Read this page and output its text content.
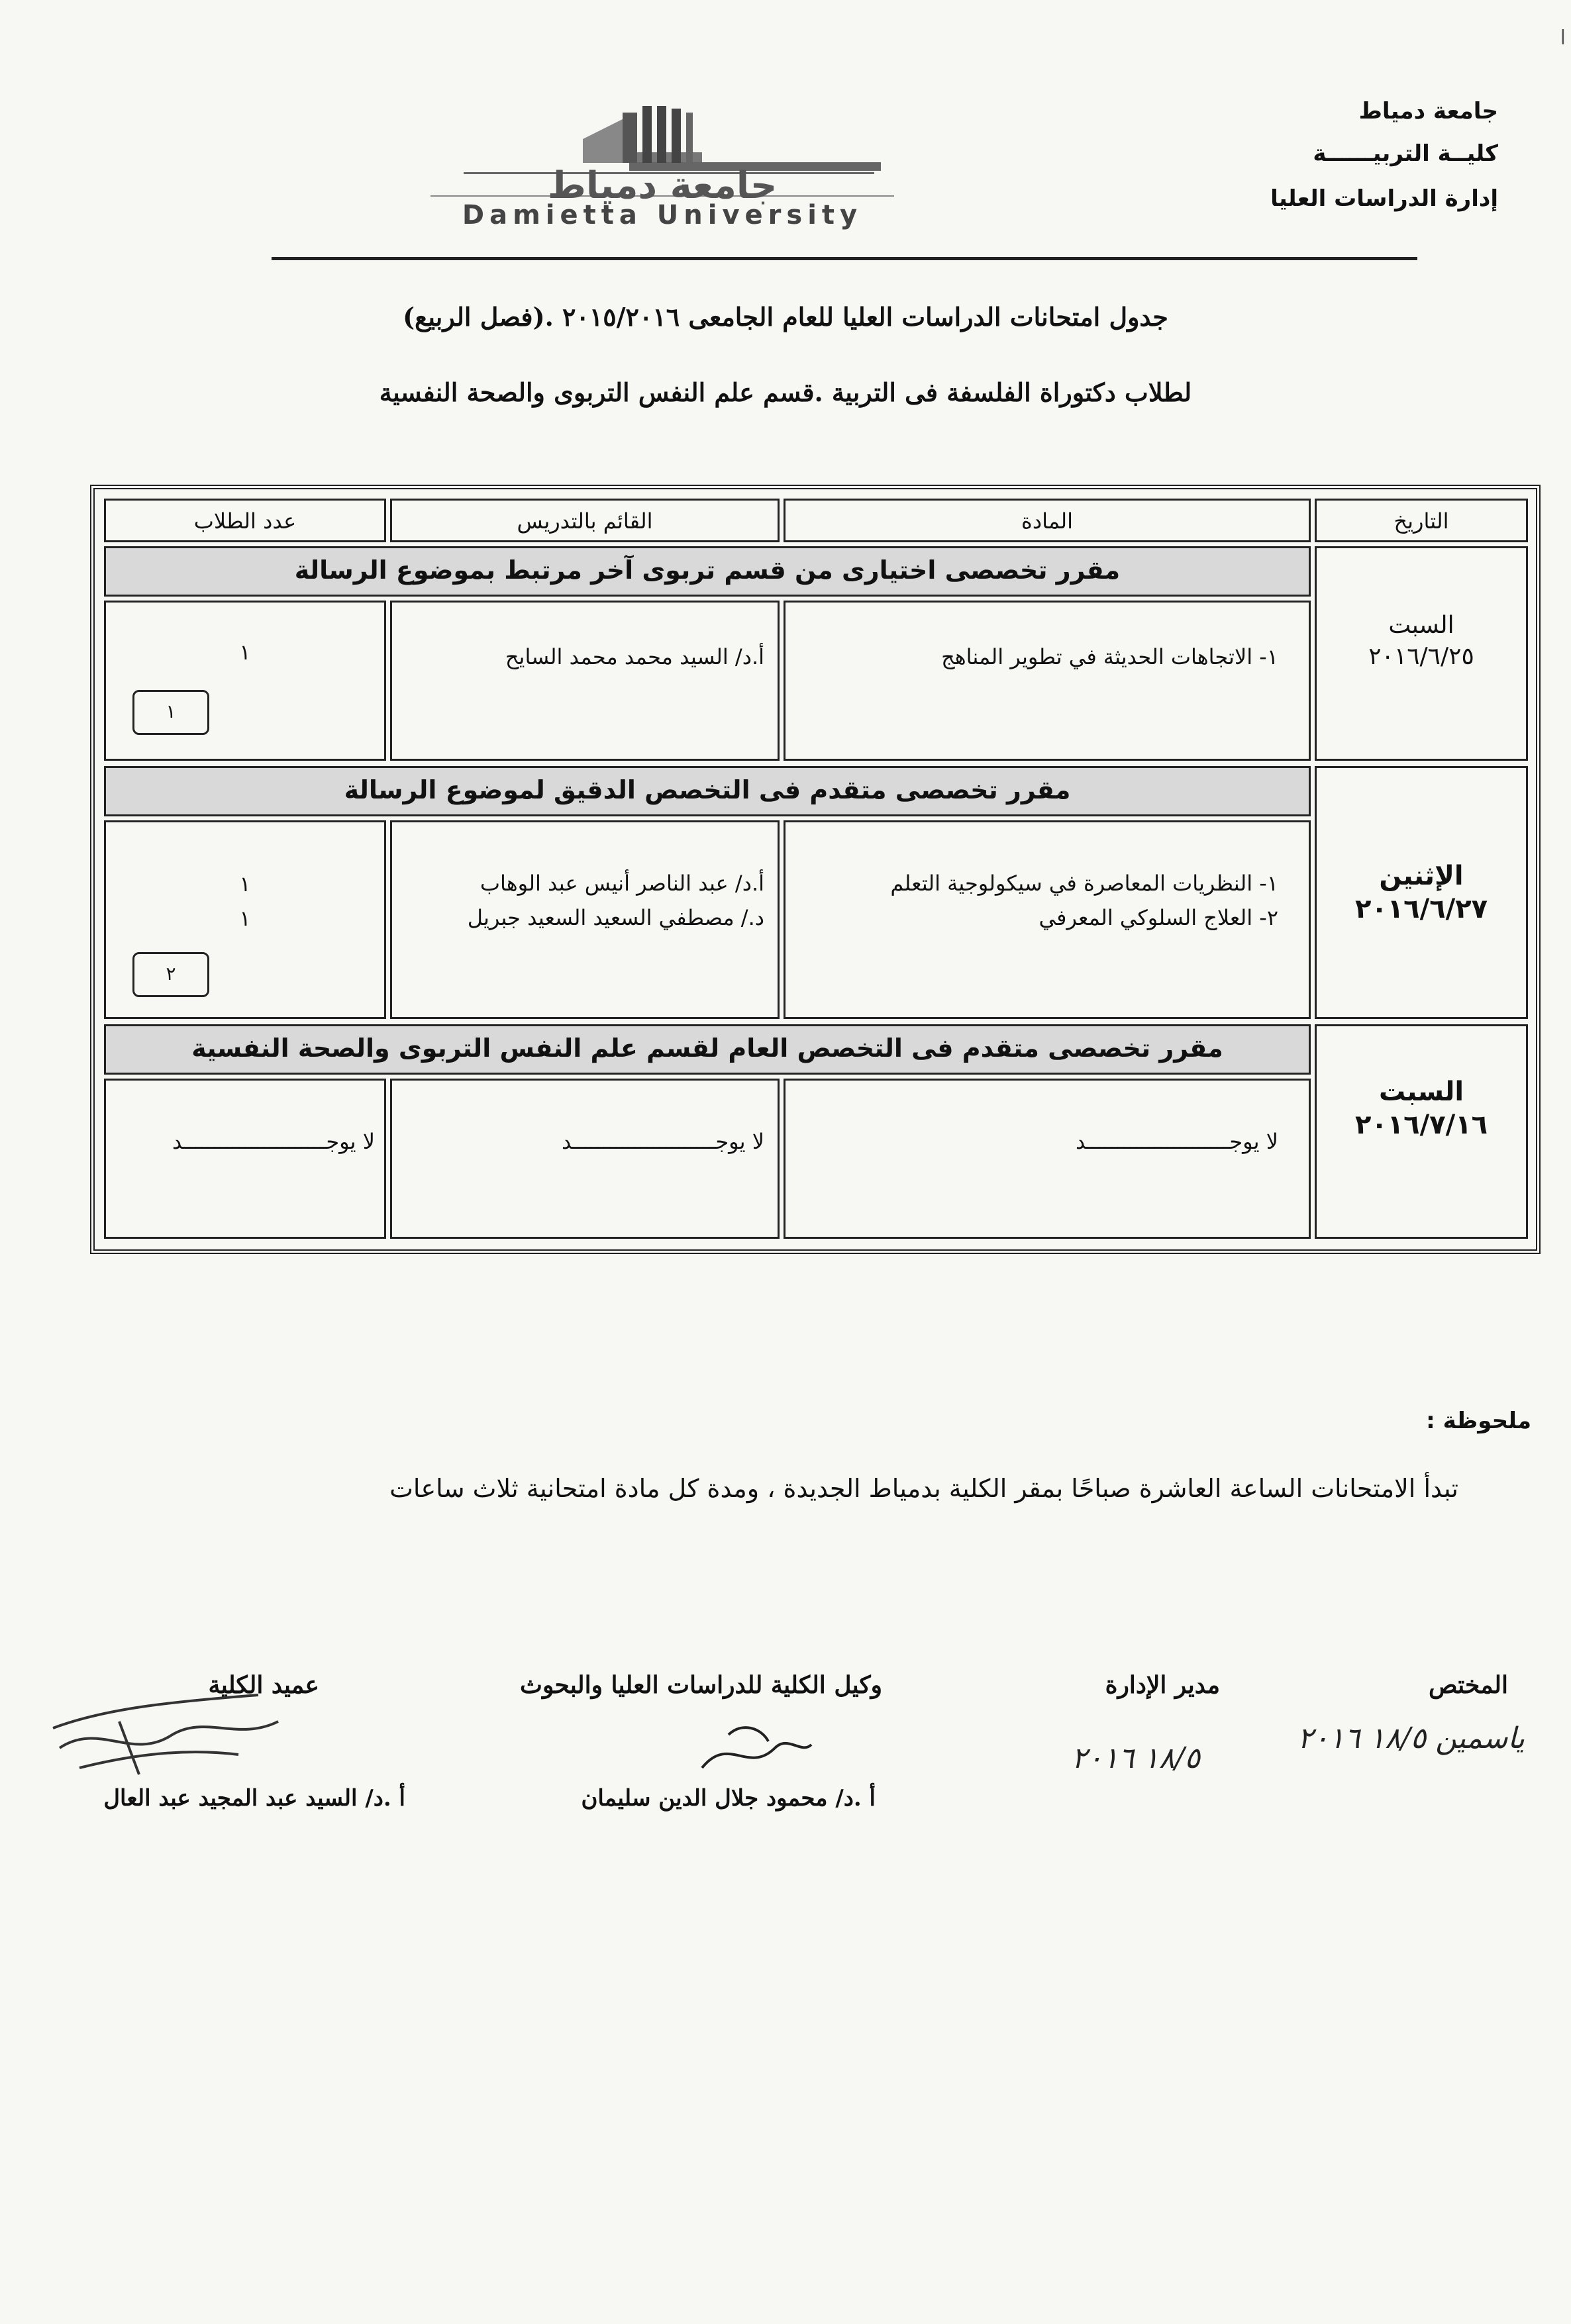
جامعة دمياط
كليــة التربيــــــة
إدارة الدراسات العليا
جامعة دمياط
Damietta University
جدول امتحانات الدراسات العليا للعام الجامعى ٢٠١٥/٢٠١٦ .(فصل الربيع)
لطلاب دكتوراة الفلسفة فى التربية .قسم علم النفس التربوى والصحة النفسية
التاريخ
المادة
القائم بالتدريس
عدد الطلاب
السبت
٢٠١٦/٦/٢٥
مقرر تخصصى اختيارى من قسم تربوى آخر مرتبط بموضوع الرسالة
١- الاتجاهات الحديثة في تطوير المناهج
أ.د/ السيد محمد محمد السايح
١
١
الإثنين
٢٠١٦/٦/٢٧
مقرر تخصصى متقدم فى التخصص الدقيق لموضوع الرسالة
١- النظريات المعاصرة في سيكولوجية التعلم
٢- العلاج السلوكي المعرفي
أ.د/ عبد الناصر أنيس عبد الوهاب
د./ مصطفي السعيد السعيد جبريل
١
١
٢
السبت
٢٠١٦/٧/١٦
مقرر تخصصى متقدم فى التخصص العام لقسم علم النفس التربوى والصحة النفسية
لا يوجـــــــــــــــــــــــد
لا يوجـــــــــــــــــــــــد
لا يوجـــــــــــــــــــــــد
ملحوظة :
تبدأ الامتحانات الساعة العاشرة صباحًا بمقر الكلية بدمياط الجديدة ، ومدة كل مادة امتحانية ثلاث ساعات
المختص
ياسمين ١٨/٥ ٢٠١٦
مدير الإدارة
١٨/٥ ٢٠١٦
وكيل الكلية للدراسات العليا والبحوث
أ .د/ محمود جلال الدين سليمان
عميد الكلية
أ .د/ السيد عبد المجيد عبد العال
ا
